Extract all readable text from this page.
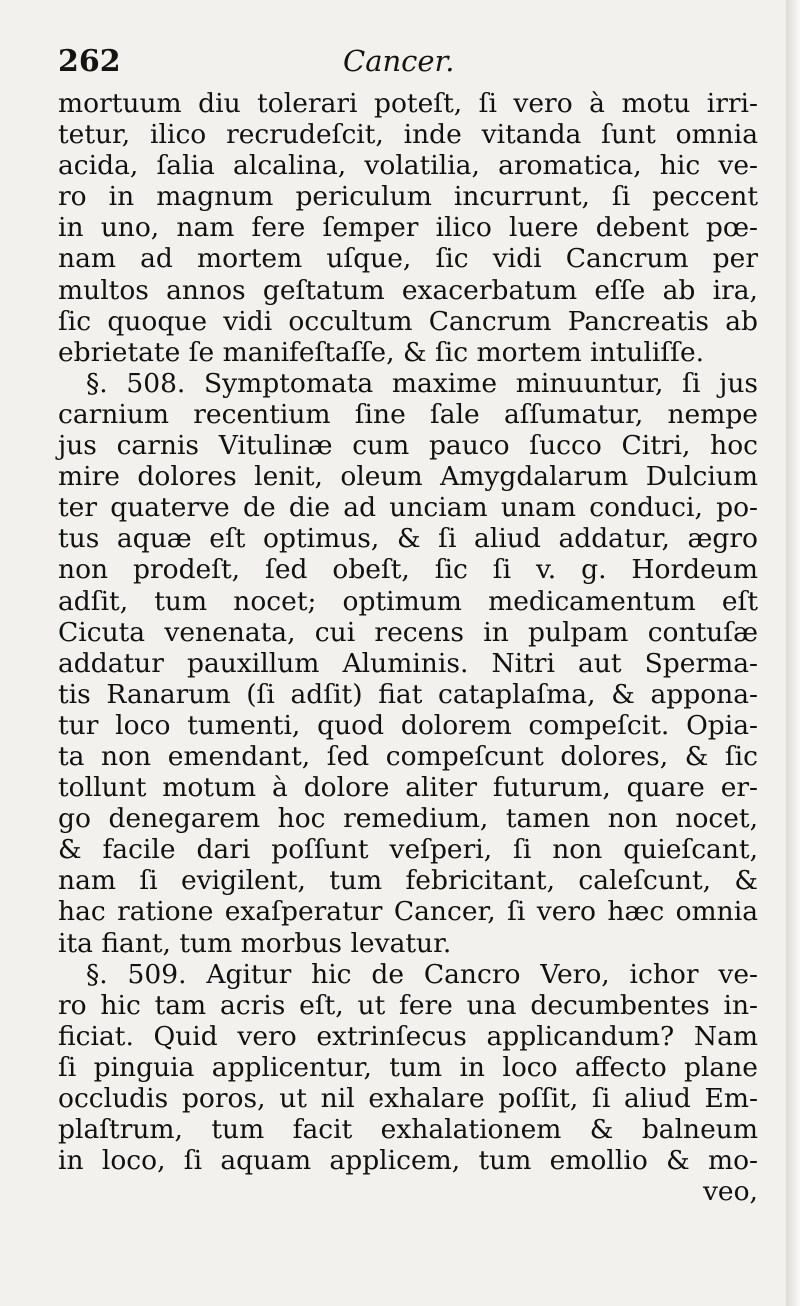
262	Cancer.
mortuum diu tolerari poteſt, ſi vero à motu irri-
tetur, ilico recrudeſcit, inde vitanda ſunt omnia
acida, ſalia alcalina, volatilia, aromatica, hic ve-
ro in magnum periculum incurrunt, ſi peccent
in uno, nam fere ſemper ilico luere debent pœ-
nam ad mortem uſque, ſic vidi Cancrum per
multos annos geſtatum exacerbatum eſſe ab ira,
ſic quoque vidi occultum Cancrum Pancreatis ab
ebrietate ſe manifeſtaſſe, & ſic mortem intuliſſe.
§. 508. Symptomata maxime minuuntur, ſi jus
carnium recentium ſine ſale aſſumatur, nempe
jus carnis Vitulinæ cum pauco ſucco Citri, hoc
mire dolores lenit, oleum Amygdalarum Dulcium
ter quaterve de die ad unciam unam conduci, po-
tus aquæ eſt optimus, & ſi aliud addatur, ægro
non prodeſt, ſed obeſt, ſic ſi v. g. Hordeum
adſit, tum nocet; optimum medicamentum eſt
Cicuta venenata, cui recens in pulpam contuſæ
addatur pauxillum Aluminis. Nitri aut Sperma-
tis Ranarum (ſi adſit) fiat cataplaſma, & appona-
tur loco tumenti, quod dolorem compeſcit. Opia-
ta non emendant, ſed compeſcunt dolores, & ſic
tollunt motum à dolore aliter futurum, quare er-
go denegarem hoc remedium, tamen non nocet,
& facile dari poſſunt veſperi, ſi non quieſcant,
nam ſi evigilent, tum febricitant, caleſcunt, &
hac ratione exaſperatur Cancer, ſi vero hæc omnia
ita fiant, tum morbus levatur.
§. 509. Agitur hic de Cancro Vero, ichor ve-
ro hic tam acris eſt, ut fere una decumbentes in-
ficiat. Quid vero extrinſecus applicandum? Nam
ſi pinguia applicentur, tum in loco affecto plane
occludis poros, ut nil exhalare poſſit, ſi aliud Em-
plaſtrum, tum facit exhalationem & balneum
in loco, ſi aquam applicem, tum emollio & mo-
veo,
